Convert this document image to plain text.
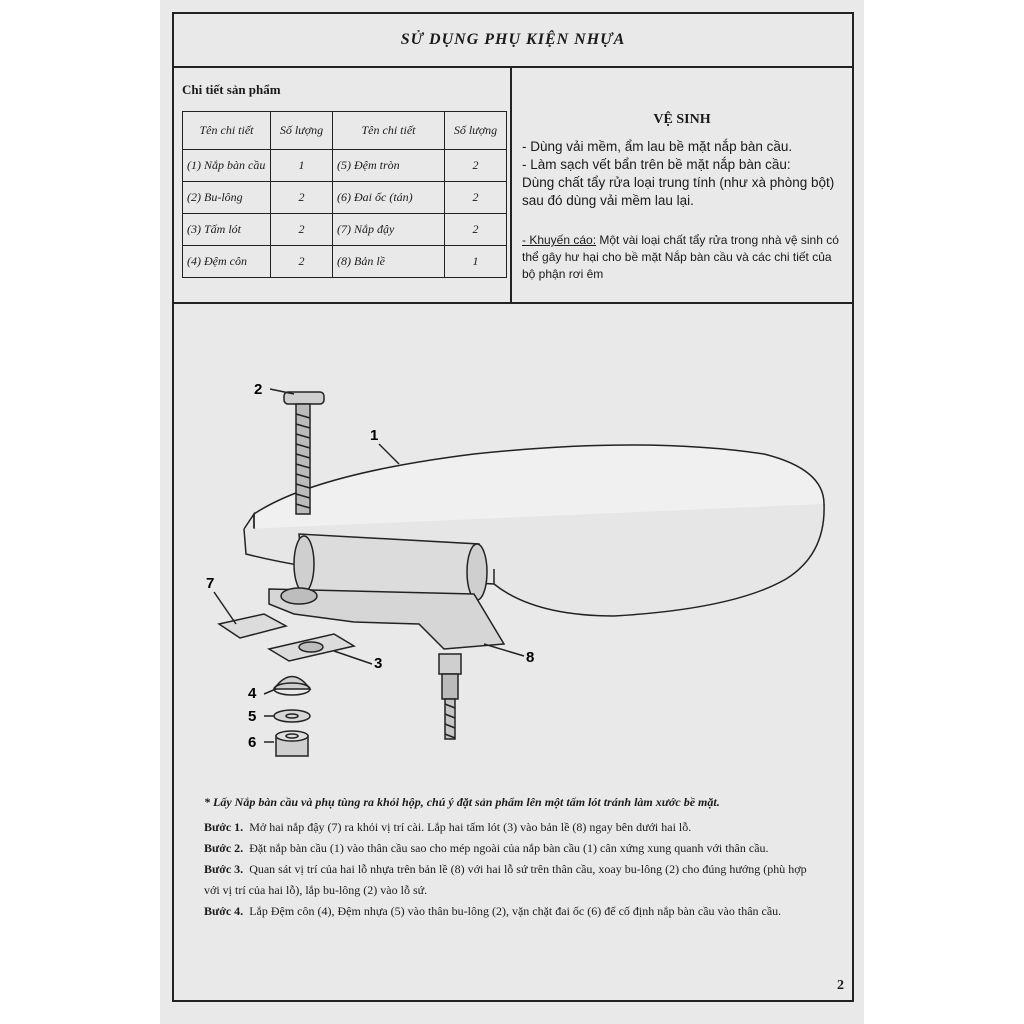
SỬ DỤNG PHỤ KIỆN NHỰA
Chi tiết sản phẩm
Tên chi tiết	Số lượng	Tên chi tiết	Số lượng
(1) Nắp bàn cầu	1	(5) Đệm tròn	2
(2) Bu-lông	2	(6) Đai ốc (tán)	2
(3) Tấm lót	2	(7) Nắp đậy	2
(4) Đệm côn	2	(8) Bản lề	1
VỆ SINH

- Dùng vải mềm, ẩm lau bề mặt nắp bàn cầu.

- Làm sạch vết bẩn trên bề mặt nắp bàn cầu:

Dùng chất tẩy rửa loại trung tính (như xà phòng bột) sau đó dùng vải mềm lau lại.

- Khuyến cáo: Một vài loại chất tẩy rửa trong nhà vệ sinh có thể gây hư hại cho bề mặt Nắp bàn cầu và các chi tiết của bộ phận rơi êm
2
1
7
3
4
5
6
8
* Lấy Nắp bàn cầu và phụ tùng ra khỏi hộp, chú ý đặt sản phẩm lên một tấm lót tránh làm xước bề mặt.

Bước 1. Mở hai nắp đậy (7) ra khỏi vị trí cài. Lắp hai tấm lót (3) vào bản lề (8) ngay bên dưới hai lỗ.

Bước 2. Đặt nắp bàn cầu (1) vào thân cầu sao cho mép ngoài của nắp bàn cầu (1) cân xứng xung quanh với thân cầu.

Bước 3. Quan sát vị trí của hai lỗ nhựa trên bản lề (8) với hai lỗ sứ trên thân cầu, xoay bu-lông (2) cho đúng hướng (phù hợp với vị trí của hai lỗ), lắp bu-lông (2) vào lỗ sứ.

Bước 4. Lắp Đệm côn (4), Đệm nhựa (5) vào thân bu-lông (2), vặn chặt đai ốc (6) để cố định nắp bàn cầu vào thân cầu.

2
